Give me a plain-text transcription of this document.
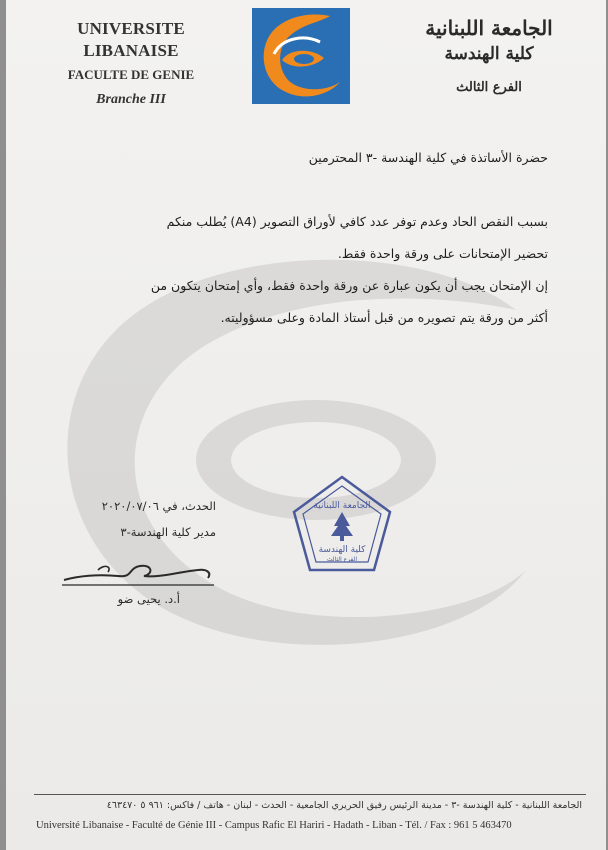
UNIVERSITE LIBANAISE
FACULTE DE GENIE
Branche III
الجامعة اللبنانية
كلية الهندسة
الفرع الثالث
حضرة الأساتذة في كلية الهندسة -٣ المحترمين
بسبب النقص الحاد وعدم توفر عدد كافي لأوراق التصوير (A4) يُطلب منكم
تحضير الإمتحانات على ورقة واحدة فقط.
إن الإمتحان يجب أن يكون عبارة عن ورقة واحدة فقط، وأي إمتحان يتكون من
أكثر من ورقة يتم تصويره من قبل أستاذ المادة وعلى مسؤوليته.
الجامعة اللبنانية
كلية الهندسة
الفرع الثالث
الحدث، في ٢٠٢٠/٠٧/٠٦
مدير كلية الهندسة-٣
أ.د. يحيى ضو
الجامعة اللبنانية - كلية الهندسة -٣ - مدينة الرئيس رفيق الحريري الجامعية - الحدث - لبنان - هاتف / فاكس: ٩٦١ ٥ ٤٦٣٤٧٠
Université Libanaise - Faculté de Génie III - Campus Rafic El Hariri - Hadath - Liban - Tél. / Fax : 961 5 463470
